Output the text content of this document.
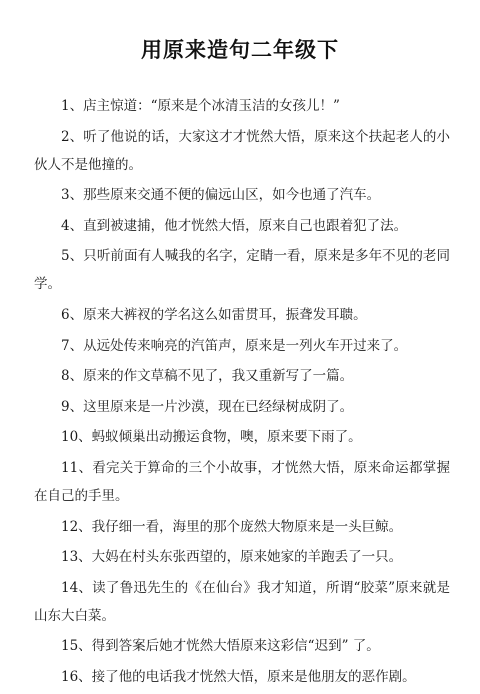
用原来造句二年级下

1、店主惊道：“原来是个冰清玉洁的女孩儿！”

2、听了他说的话，大家这才才恍然大悟，原来这个扶起老人的小伙人不是他撞的。

3、那些原来交通不便的偏远山区，如今也通了汽车。

4、直到被逮捕，他才恍然大悟，原来自己也跟着犯了法。

5、只听前面有人喊我的名字，定睛一看，原来是多年不见的老同学。

6、原来大裤衩的学名这么如雷贯耳，振聋发耳聩。

7、从远处传来响亮的汽笛声，原来是一列火车开过来了。

8、原来的作文草稿不见了，我又重新写了一篇。

9、这里原来是一片沙漠，现在已经绿树成阴了。

10、蚂蚁倾巢出动搬运食物，噢，原来要下雨了。

11、看完关于算命的三个小故事，才恍然大悟，原来命运都掌握在自己的手里。

12、我仔细一看，海里的那个庞然大物原来是一头巨鲸。

13、大妈在村头东张西望的，原来她家的羊跑丢了一只。

14、读了鲁迅先生的《在仙台》我才知道，所谓“胶菜”原来就是山东大白菜。

15、得到答案后她才恍然大悟原来这彩信“迟到” 了。

16、接了他的电话我才恍然大悟，原来是他朋友的恶作剧。
